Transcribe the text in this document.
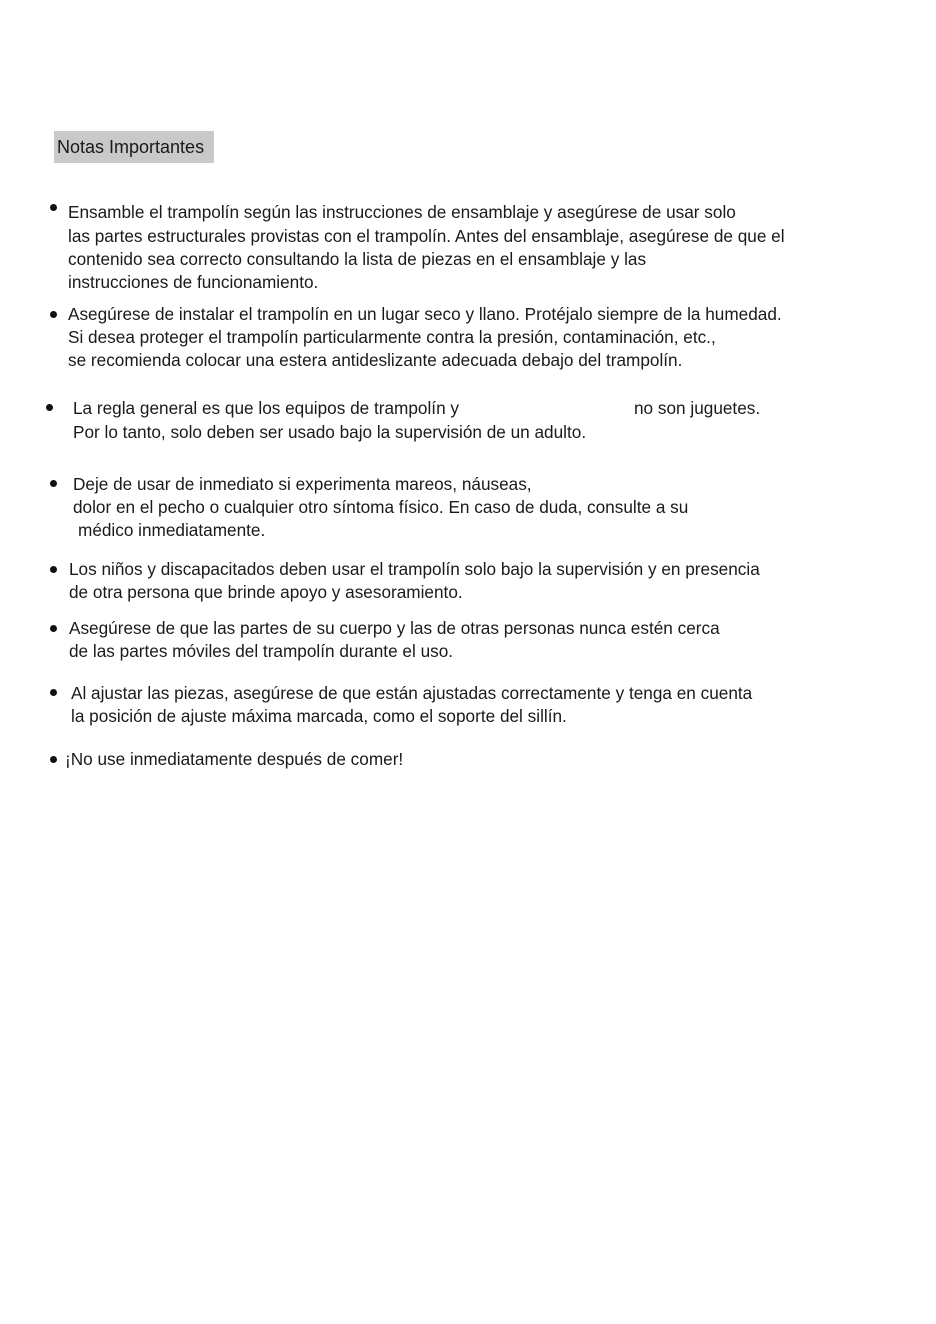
Notas Importantes
Ensamble el trampolín según las instrucciones de ensamblaje y asegúrese de usar solo
las partes estructurales provistas con el trampolín. Antes del ensamblaje, asegúrese de que el
contenido sea correcto consultando la lista de piezas en el ensamblaje y las
instrucciones de funcionamiento.
Asegúrese de instalar el trampolín en un lugar seco y llano. Protéjalo siempre de la humedad.
Si desea proteger el trampolín particularmente contra la presión, contaminación, etc.,
se recomienda colocar una estera antideslizante adecuada debajo del trampolín.
La regla general es que los equipos de trampolín y	no son juguetes.
Por lo tanto, solo deben ser usado bajo la supervisión de un adulto.
Deje de usar de inmediato si experimenta mareos, náuseas,
dolor en el pecho o cualquier otro síntoma físico. En caso de duda, consulte a su
médico inmediatamente.
Los niños y discapacitados deben usar el trampolín solo bajo la supervisión y en presencia
de otra persona que brinde apoyo y asesoramiento.
Asegúrese de que las partes de su cuerpo y las de otras personas nunca estén cerca
de las partes móviles del trampolín durante el uso.
Al ajustar las piezas, asegúrese de que están ajustadas correctamente y tenga en cuenta
la posición de ajuste máxima marcada, como el soporte del sillín.
¡No use inmediatamente después de comer!
